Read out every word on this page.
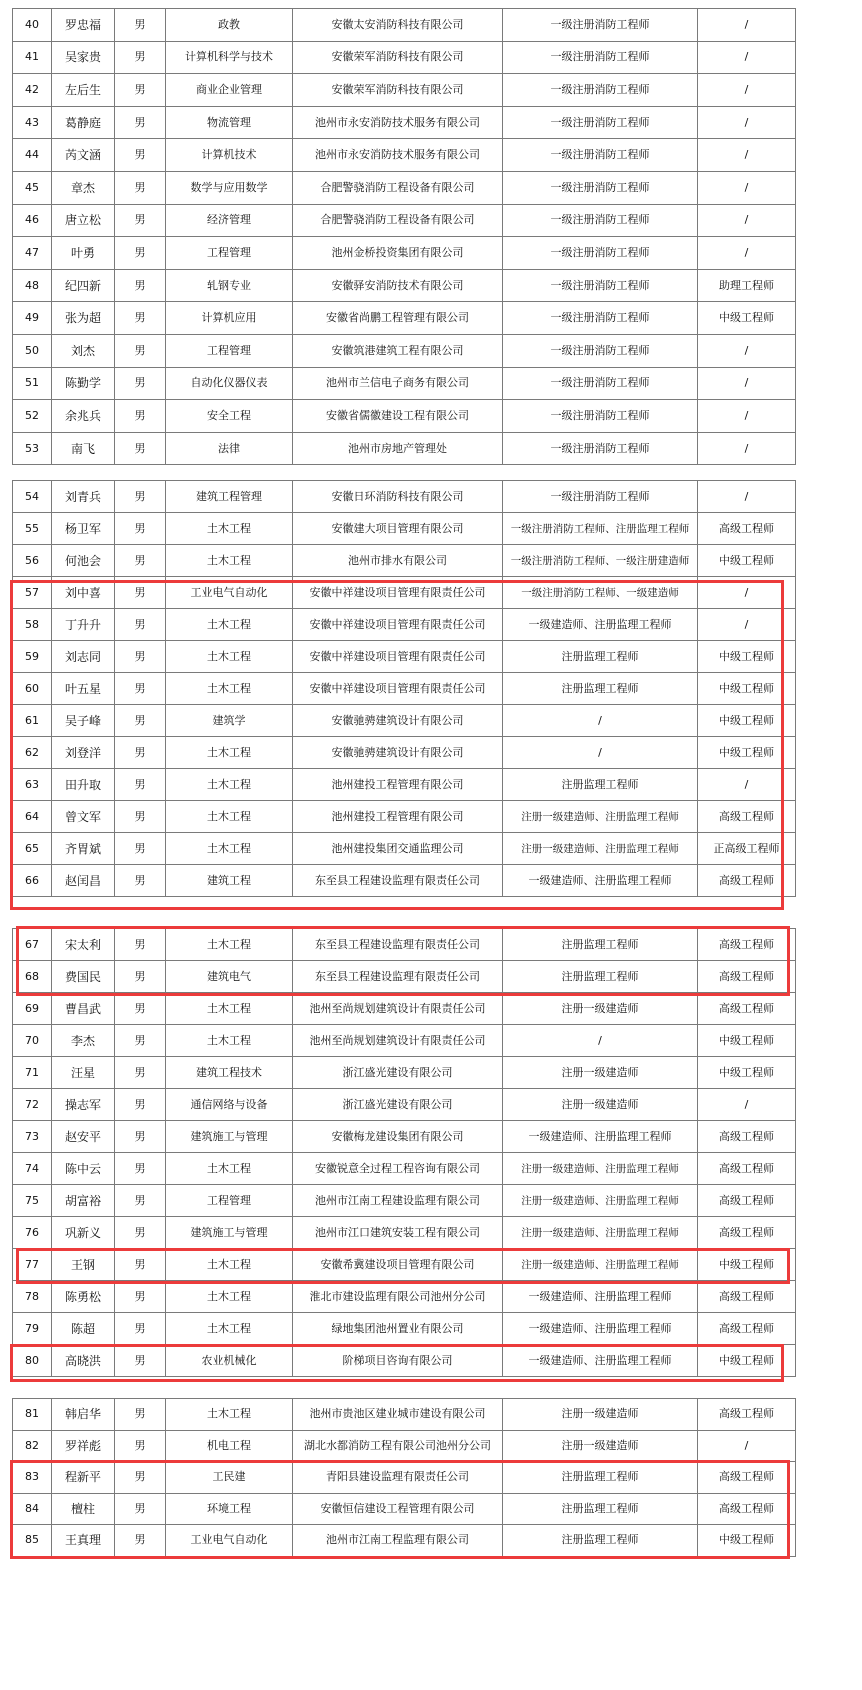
40	罗忠福	男	政教	安徽太安消防科技有限公司	一级注册消防工程师	/
41	吴家贵	男	计算机科学与技术	安徽荣军消防科技有限公司	一级注册消防工程师	/
42	左后生	男	商业企业管理	安徽荣军消防科技有限公司	一级注册消防工程师	/
43	葛静庭	男	物流管理	池州市永安消防技术服务有限公司	一级注册消防工程师	/
44	芮文涵	男	计算机技术	池州市永安消防技术服务有限公司	一级注册消防工程师	/
45	章杰	男	数学与应用数学	合肥警骁消防工程设备有限公司	一级注册消防工程师	/
46	唐立松	男	经济管理	合肥警骁消防工程设备有限公司	一级注册消防工程师	/
47	叶勇	男	工程管理	池州金桥投资集团有限公司	一级注册消防工程师	/
48	纪四新	男	轧钢专业	安徽驿安消防技术有限公司	一级注册消防工程师	助理工程师
49	张为超	男	计算机应用	安徽省尚鹏工程管理有限公司	一级注册消防工程师	中级工程师
50	刘杰	男	工程管理	安徽筑港建筑工程有限公司	一级注册消防工程师	/
51	陈勤学	男	自动化仪器仪表	池州市兰信电子商务有限公司	一级注册消防工程师	/
52	余兆兵	男	安全工程	安徽省儒徽建设工程有限公司	一级注册消防工程师	/
53	南飞	男	法律	池州市房地产管理处	一级注册消防工程师	/
54	刘青兵	男	建筑工程管理	安徽日环消防科技有限公司	一级注册消防工程师	/
55	杨卫军	男	土木工程	安徽建大项目管理有限公司	一级注册消防工程师、注册监理工程师	高级工程师
56	何池会	男	土木工程	池州市排水有限公司	一级注册消防工程师、一级注册建造师	中级工程师
57	刘中喜	男	工业电气自动化	安徽中祥建设项目管理有限责任公司	一级注册消防工程师、一级建造师	/
58	丁升升	男	土木工程	安徽中祥建设项目管理有限责任公司	一级建造师、注册监理工程师	/
59	刘志同	男	土木工程	安徽中祥建设项目管理有限责任公司	注册监理工程师	中级工程师
60	叶五星	男	土木工程	安徽中祥建设项目管理有限责任公司	注册监理工程师	中级工程师
61	吴子峰	男	建筑学	安徽驰骋建筑设计有限公司	/	中级工程师
62	刘登洋	男	土木工程	安徽驰骋建筑设计有限公司	/	中级工程师
63	田升取	男	土木工程	池州建投工程管理有限公司	注册监理工程师	/
64	曾文军	男	土木工程	池州建投工程管理有限公司	注册一级建造师、注册监理工程师	高级工程师
65	齐胃斌	男	土木工程	池州建投集团交通监理公司	注册一级建造师、注册监理工程师	正高级工程师
66	赵闰昌	男	建筑工程	东至县工程建设监理有限责任公司	一级建造师、注册监理工程师	高级工程师
67	宋太利	男	土木工程	东至县工程建设监理有限责任公司	注册监理工程师	高级工程师
68	费国民	男	建筑电气	东至县工程建设监理有限责任公司	注册监理工程师	高级工程师
69	曹昌武	男	土木工程	池州至尚规划建筑设计有限责任公司	注册一级建造师	高级工程师
70	李杰	男	土木工程	池州至尚规划建筑设计有限责任公司	/	中级工程师
71	汪星	男	建筑工程技术	浙江盛光建设有限公司	注册一级建造师	中级工程师
72	操志军	男	通信网络与设备	浙江盛光建设有限公司	注册一级建造师	/
73	赵安平	男	建筑施工与管理	安徽梅龙建设集团有限公司	一级建造师、注册监理工程师	高级工程师
74	陈中云	男	土木工程	安徽锐意全过程工程咨询有限公司	注册一级建造师、注册监理工程师	高级工程师
75	胡富裕	男	工程管理	池州市江南工程建设监理有限公司	注册一级建造师、注册监理工程师	高级工程师
76	巩新义	男	建筑施工与管理	池州市江口建筑安装工程有限公司	注册一级建造师、注册监理工程师	高级工程师
77	王钢	男	土木工程	安徽希冀建设项目管理有限公司	注册一级建造师、注册监理工程师	中级工程师
78	陈勇松	男	土木工程	淮北市建设监理有限公司池州分公司	一级建造师、注册监理工程师	高级工程师
79	陈超	男	土木工程	绿地集团池州置业有限公司	一级建造师、注册监理工程师	高级工程师
80	高晓洪	男	农业机械化	阶梯项目咨询有限公司	一级建造师、注册监理工程师	中级工程师
81	韩启华	男	土木工程	池州市贵池区建业城市建设有限公司	注册一级建造师	高级工程师
82	罗祥彪	男	机电工程	湖北水都消防工程有限公司池州分公司	注册一级建造师	/
83	程新平	男	工民建	青阳县建设监理有限责任公司	注册监理工程师	高级工程师
84	檀柱	男	环境工程	安徽恒信建设工程管理有限公司	注册监理工程师	高级工程师
85	王真理	男	工业电气自动化	池州市江南工程监理有限公司	注册监理工程师	中级工程师
